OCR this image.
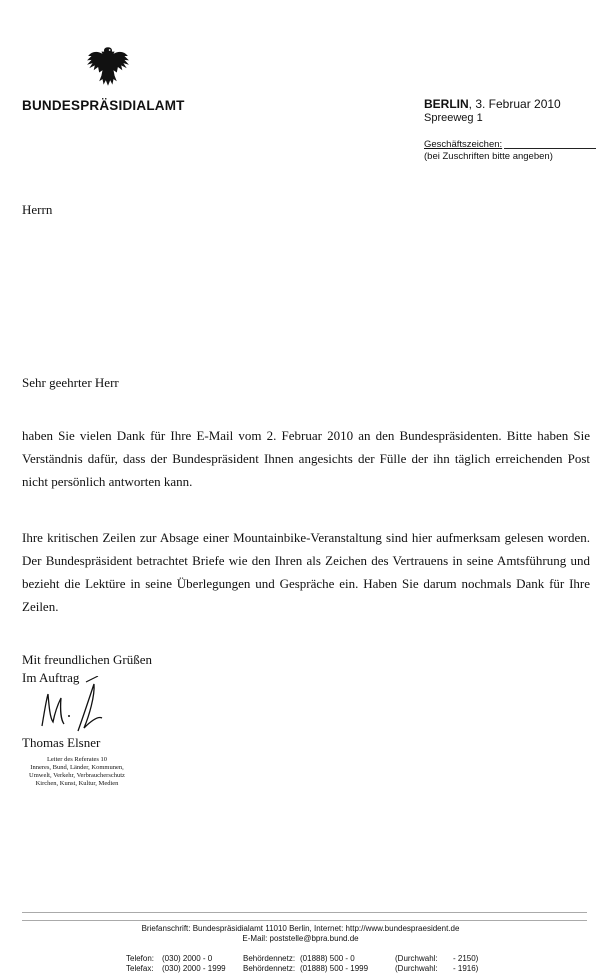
BUNDESPRÄSIDIALAMT	BERLIN, 3. Februar 2010
Spreeweg 1
Geschäftszeichen:
(bei Zuschriften bitte angeben)
Herrn
Sehr geehrter Herr
haben Sie vielen Dank für Ihre E-Mail vom 2. Februar 2010 an den Bundespräsidenten. Bitte haben Sie Verständnis dafür, dass der Bundespräsident Ihnen angesichts der Fülle der ihn täglich erreichenden Post nicht persönlich antworten kann.
Ihre kritischen Zeilen zur Absage einer Mountainbike-Veranstaltung sind hier aufmerksam gelesen worden. Der Bundespräsident betrachtet Briefe wie den Ihren als Zeichen des Vertrauens in seine Amtsführung und bezieht die Lektüre in seine Überlegungen und Gespräche ein. Haben Sie darum nochmals Dank für Ihre Zeilen.
Mit freundlichen Grüßen
Im Auftrag
Thomas Elsner
Leiter des Referates 10
Inneres, Bund, Länder, Kommunen,
Umwelt, Verkehr, Verbraucherschutz
Kirchen, Kunst, Kultur, Medien
Briefanschrift: Bundespräsidialamt 11010 Berlin, Internet: http://www.bundespraesident.de
E-Mail: poststelle@bpra.bund.de
Telefon: (030) 2000 - 0	Behördennetz: (01888) 500 - 0	(Durchwahl: - 2150)
Telefax: (030) 2000 - 1999 Behördennetz: (01888) 500 - 1999	(Durchwahl: - 1916)
